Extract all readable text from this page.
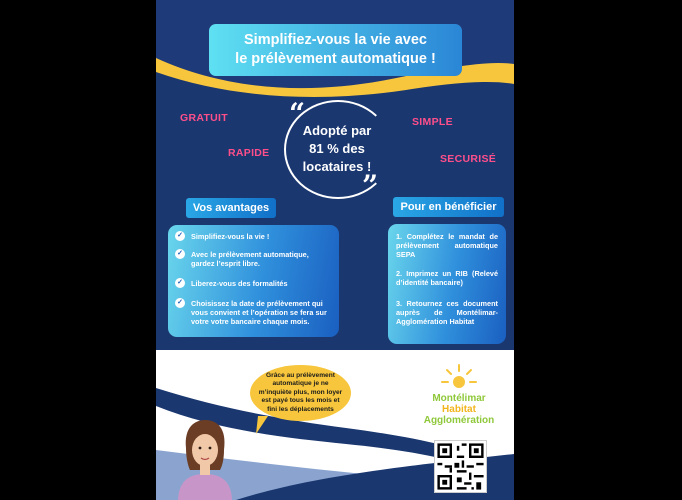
Simplifiez-vous la vie avec
le prélèvement automatique !
GRATUIT
RAPIDE
SIMPLE
SECURISÉ
“
”
Adopté par
81 % des
locataires !
Vos avantages	Pour en bénéficier
✓ Simplifiez-vous la vie !
✓ Avec le prélèvement automatique, gardez l’esprit libre.
✓ Liberez-vous des formalités
✓ Choisissez la date de prélèvement qui vous convient et l’opération se fera sur votre votre bancaire chaque mois.
1. Complétez le mandat de prélèvement automatique SEPA
2. Imprimez un RIB (Relevé d’identité bancaire)
3. Retournez ces document auprès de Montélimar-Agglomération Habitat
Grâce au prélèvement automatique je ne m’inquiète plus, mon loyer est payé tous les mois et fini les déplacements
Montélimar
Habitat
Agglomération
